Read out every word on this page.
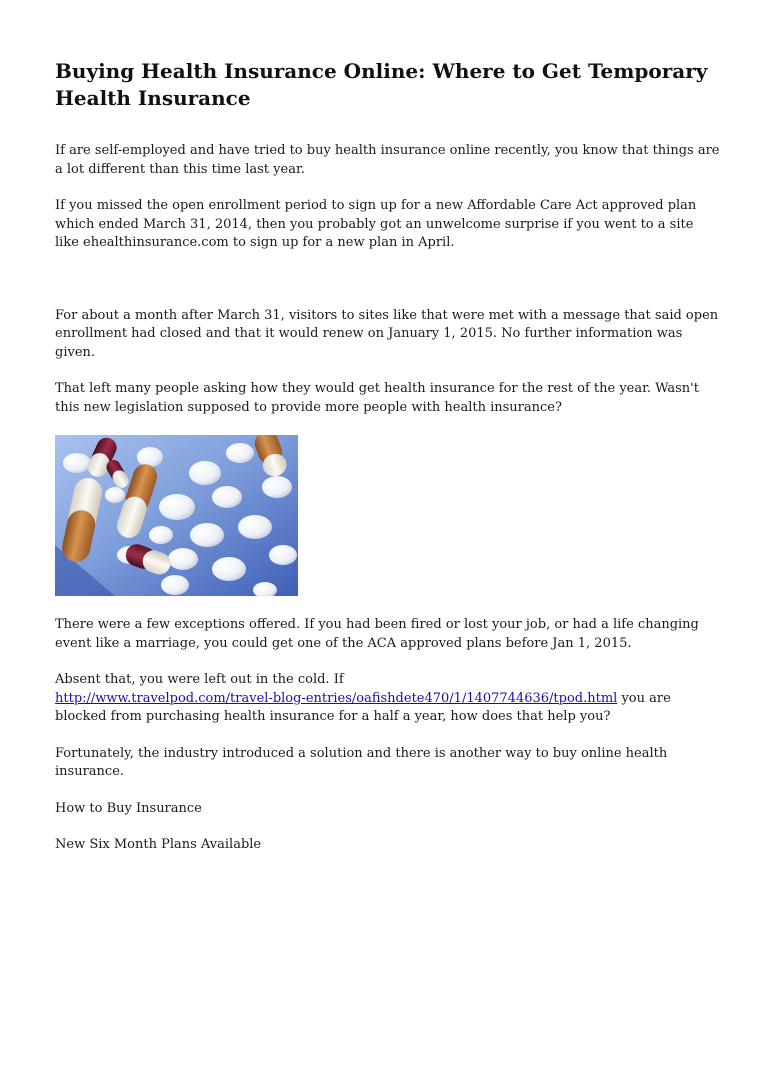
Buying Health Insurance Online: Where to Get Temporary Health Insurance

If are self-employed and have tried to buy health insurance online recently, you know that things are a lot different than this time last year.

If you missed the open enrollment period to sign up for a new Affordable Care Act approved plan which ended March 31, 2014, then you probably got an unwelcome surprise if you went to a site like ehealthinsurance.com to sign up for a new plan in April.

For about a month after March 31, visitors to sites like that were met with a message that said open enrollment had closed and that it would renew on January 1, 2015. No further information was given.

That left many people asking how they would get health insurance for the rest of the year. Wasn't this new legislation supposed to provide more people with health insurance?

There were a few exceptions offered. If you had been fired or lost your job, or had a life changing event like a marriage, you could get one of the ACA approved plans before Jan 1, 2015.

Absent that, you were left out in the cold. If
http://www.travelpod.com/travel-blog-entries/oafishdete470/1/1407744636/tpod.html you are blocked from purchasing health insurance for a half a year, how does that help you?

Fortunately, the industry introduced a solution and there is another way to buy online health insurance.

How to Buy Insurance

New Six Month Plans Available
